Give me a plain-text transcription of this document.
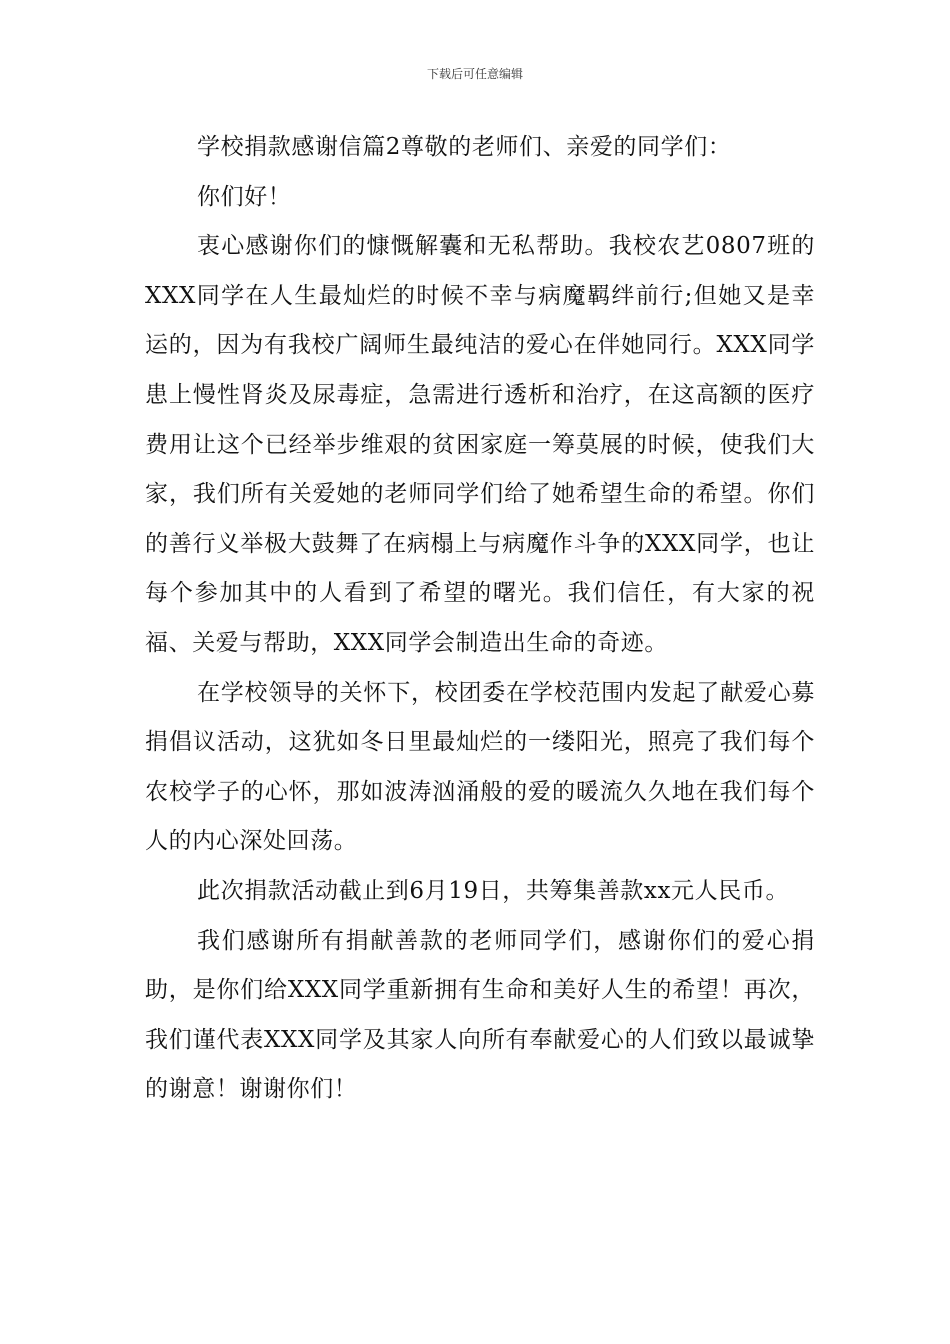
下载后可任意编辑

学校捐款感谢信篇2尊敬的老师们、亲爱的同学们：

你们好！

衷心感谢你们的慷慨解囊和无私帮助。我校农艺0807班的XXX同学在人生最灿烂的时候不幸与病魔羁绊前行;但她又是幸运的，因为有我校广阔师生最纯洁的爱心在伴她同行。XXX同学患上慢性肾炎及尿毒症，急需进行透析和治疗，在这高额的医疗费用让这个已经举步维艰的贫困家庭一筹莫展的时候，使我们大家，我们所有关爱她的老师同学们给了她希望生命的希望。你们的善行义举极大鼓舞了在病榻上与病魔作斗争的XXX同学，也让每个参加其中的人看到了希望的曙光。我们信任，有大家的祝福、关爱与帮助，XXX同学会制造出生命的奇迹。

在学校领导的关怀下，校团委在学校范围内发起了献爱心募捐倡议活动，这犹如冬日里最灿烂的一缕阳光，照亮了我们每个农校学子的心怀，那如波涛汹涌般的爱的暖流久久地在我们每个人的内心深处回荡。

此次捐款活动截止到6月19日，共筹集善款xx元人民币。

我们感谢所有捐献善款的老师同学们，感谢你们的爱心捐助，是你们给XXX同学重新拥有生命和美好人生的希望！再次，我们谨代表XXX同学及其家人向所有奉献爱心的人们致以最诚挚的谢意！谢谢你们！
